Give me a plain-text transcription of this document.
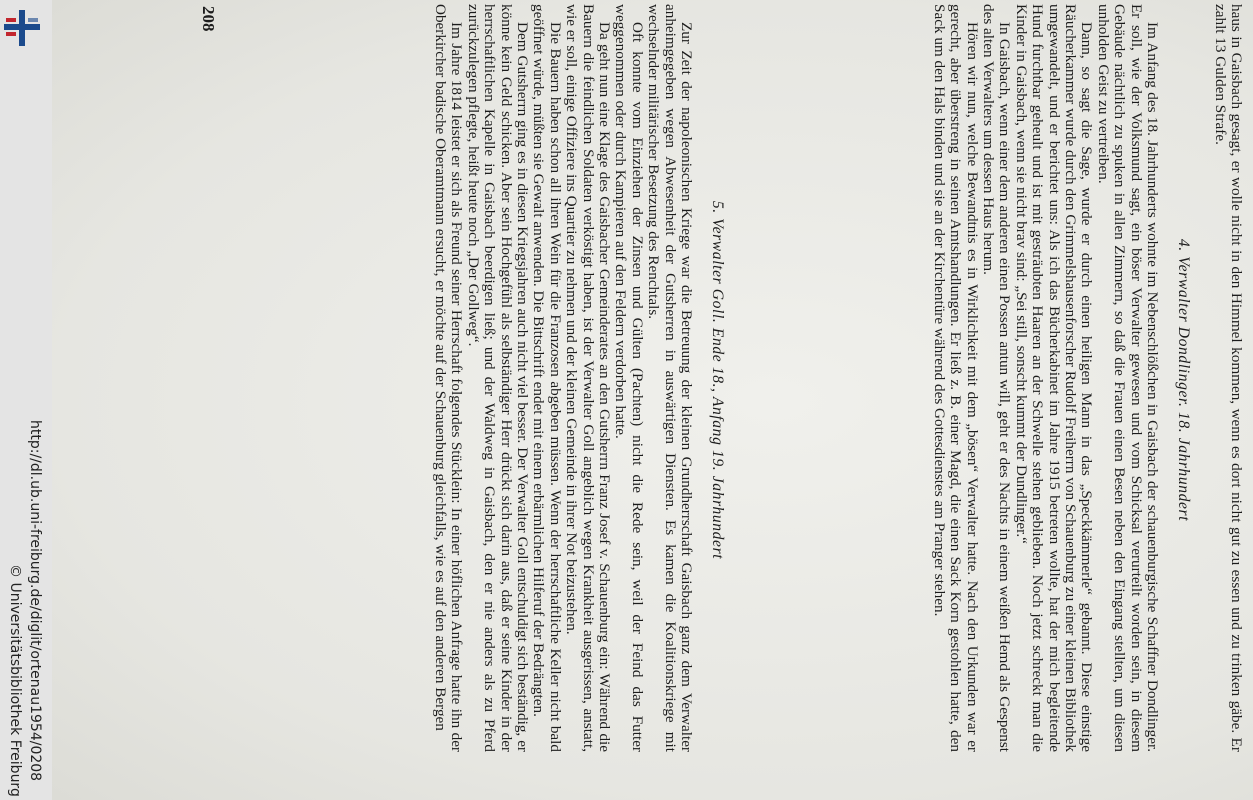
http://dl.ub.uni-freiburg.de/diglit/ortenau1954/0208
© Universitätsbibliothek Freiburg	haus in Gaisbach gesagt, er wolle nicht in den Himmel kommen, wenn es dort nicht gut zu essen und zu trinken gäbe. Er zahlt 13 Gulden Strafe.

4. Verwalter Dondlinger. 18. Jahrhundert

Im Anfang des 18. Jahrhunderts wohnte im Nebenschlößchen in Gaisbach der schauenburgische Schaffner Dondlinger. Er soll, wie der Volksmund sagt, ein böser Verwalter gewesen und vom Schicksal verurteilt worden sein, in diesem Gebäude nächtlich zu spuken in allen Zimmern, so daß die Frauen einen Besen neben den Eingang stellten, um diesen unholden Geist zu vertreiben.

Dann, so sagt die Sage, wurde er durch einen heiligen Mann in das „Speckkämmerle“ gebannt. Diese einstige Räucherkammer wurde durch den Grimmelshausenforscher Rudolf Freiherrn von Schauenburg zu einer kleinen Bibliothek umgewandelt, und er berichtet uns: Als ich das Bücherkabinet im Jahre 1915 betreten wollte, hat der mich begleitende Hund furchtbar geheult und ist mit gesträubten Haaren an der Schwelle stehen geblieben. Noch jetzt schreckt man die Kinder in Gaisbach, wenn sie nicht brav sind: „Sei still, sonscht kummt der Dundlinger.“

In Gaisbach, wenn einer dem anderen einen Possen antun will, geht er des Nachts in einem weißen Hemd als Gespenst des alten Verwalters um dessen Haus herum.

Hören wir nun, welche Bewandtnis es in Wirklichkeit mit dem „bösen“ Verwalter hatte. Nach den Urkunden war er gerecht, aber überstreng in seinen Amtshandlungen. Er ließ z. B. einer Magd, die einen Sack Korn gestohlen hatte, den Sack um den Hals binden und sie an der Kirchentüre während des Gottesdienstes am Pranger stehen.

5. Verwalter Goll. Ende 18., Anfang 19. Jahrhundert

Zur Zeit der napoleonischen Kriege war die Betreuung der kleinen Grundherrschaft Gaisbach ganz dem Verwalter anheimgegeben wegen Abwesenheit der Gutsherren in auswärtigen Diensten. Es kamen die Koalitionskriege mit wechselnder militärischer Besetzung des Renchtals.

Oft konnte vom Einziehen der Zinsen und Gülten (Pachten) nicht die Rede sein, weil der Feind das Futter weggenommen oder durch Kampieren auf den Feldern verdorben hatte.

Da geht nun eine Klage des Gaisbacher Gemeinderates an den Gutsherrn Franz Josef v. Schauenburg ein: Während die Bauern die feindlichen Soldaten verköstigt haben, ist der Verwalter Goll angeblich wegen Krankheit ausgerissen, anstatt, wie er soll, einige Offiziere ins Quartier zu nehmen und der kleinen Gemeinde in ihrer Not beizustehen.

Die Bauern haben schon all ihren Wein für die Franzosen abgeben müssen. Wenn der herrschaftliche Keller nicht bald geöffnet würde, müßten sie Gewalt anwenden. Die Bittschrift endet mit einem erbärmlichen Hilferuf der Bedrängten.

Dem Gutsherrn ging es in diesen Kriegsjahren auch nicht viel besser. Der Verwalter Goll entschuldigt sich beständig, er könne kein Geld schicken. Aber sein Hochgefühl als selbständiger Herr drückt sich darin aus, daß er seine Kinder in der herrschaftlichen Kapelle in Gaisbach beerdigen ließ; und der Waldweg in Gaisbach, den er nie anders als zu Pferd zurückzulegen pflegte, heißt heute noch „Der Gollweg“.

Im Jahre 1814 leistet er sich als Freund seiner Herrschaft folgendes Stücklein: In einer höflichen Anfrage hatte ihn der Oberkircher badische Oberamtmann ersucht, er möchte auf der Schauenburg gleichfalls, wie es auf den anderen Bergen

208
